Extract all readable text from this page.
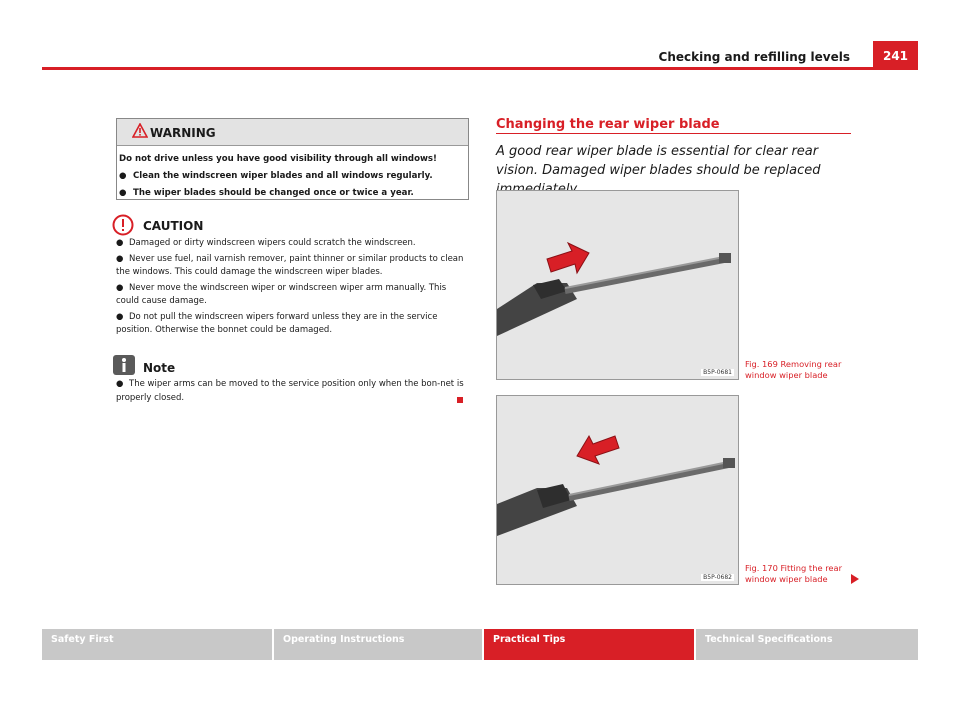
Checking and refilling levels	241
WARNING
Do not drive unless you have good visibility through all windows!
● Clean the windscreen wiper blades and all windows regularly.
● The wiper blades should be changed once or twice a year.
CAUTION

● Damaged or dirty windscreen wipers could scratch the windscreen.

● Never use fuel, nail varnish remover, paint thinner or similar products to clean the windows. This could damage the windscreen wiper blades.

● Never move the windscreen wiper or windscreen wiper arm manually. This could cause damage.

● Do not pull the windscreen wipers forward unless they are in the service position. Otherwise the bonnet could be damaged.

Note

● The wiper arms can be moved to the service position only when the bon-net is properly closed.

Changing the rear wiper blade
A good rear wiper blade is essential for clear rear vision. Damaged wiper blades should be replaced
B5P-0681
Fig. 169 Removing rear
window wiper blade
B5P-0682
Fig. 170 Fitting the rear
window wiper blade
Safety First	Operating Instructions	Practical Tips	Technical Specifications
